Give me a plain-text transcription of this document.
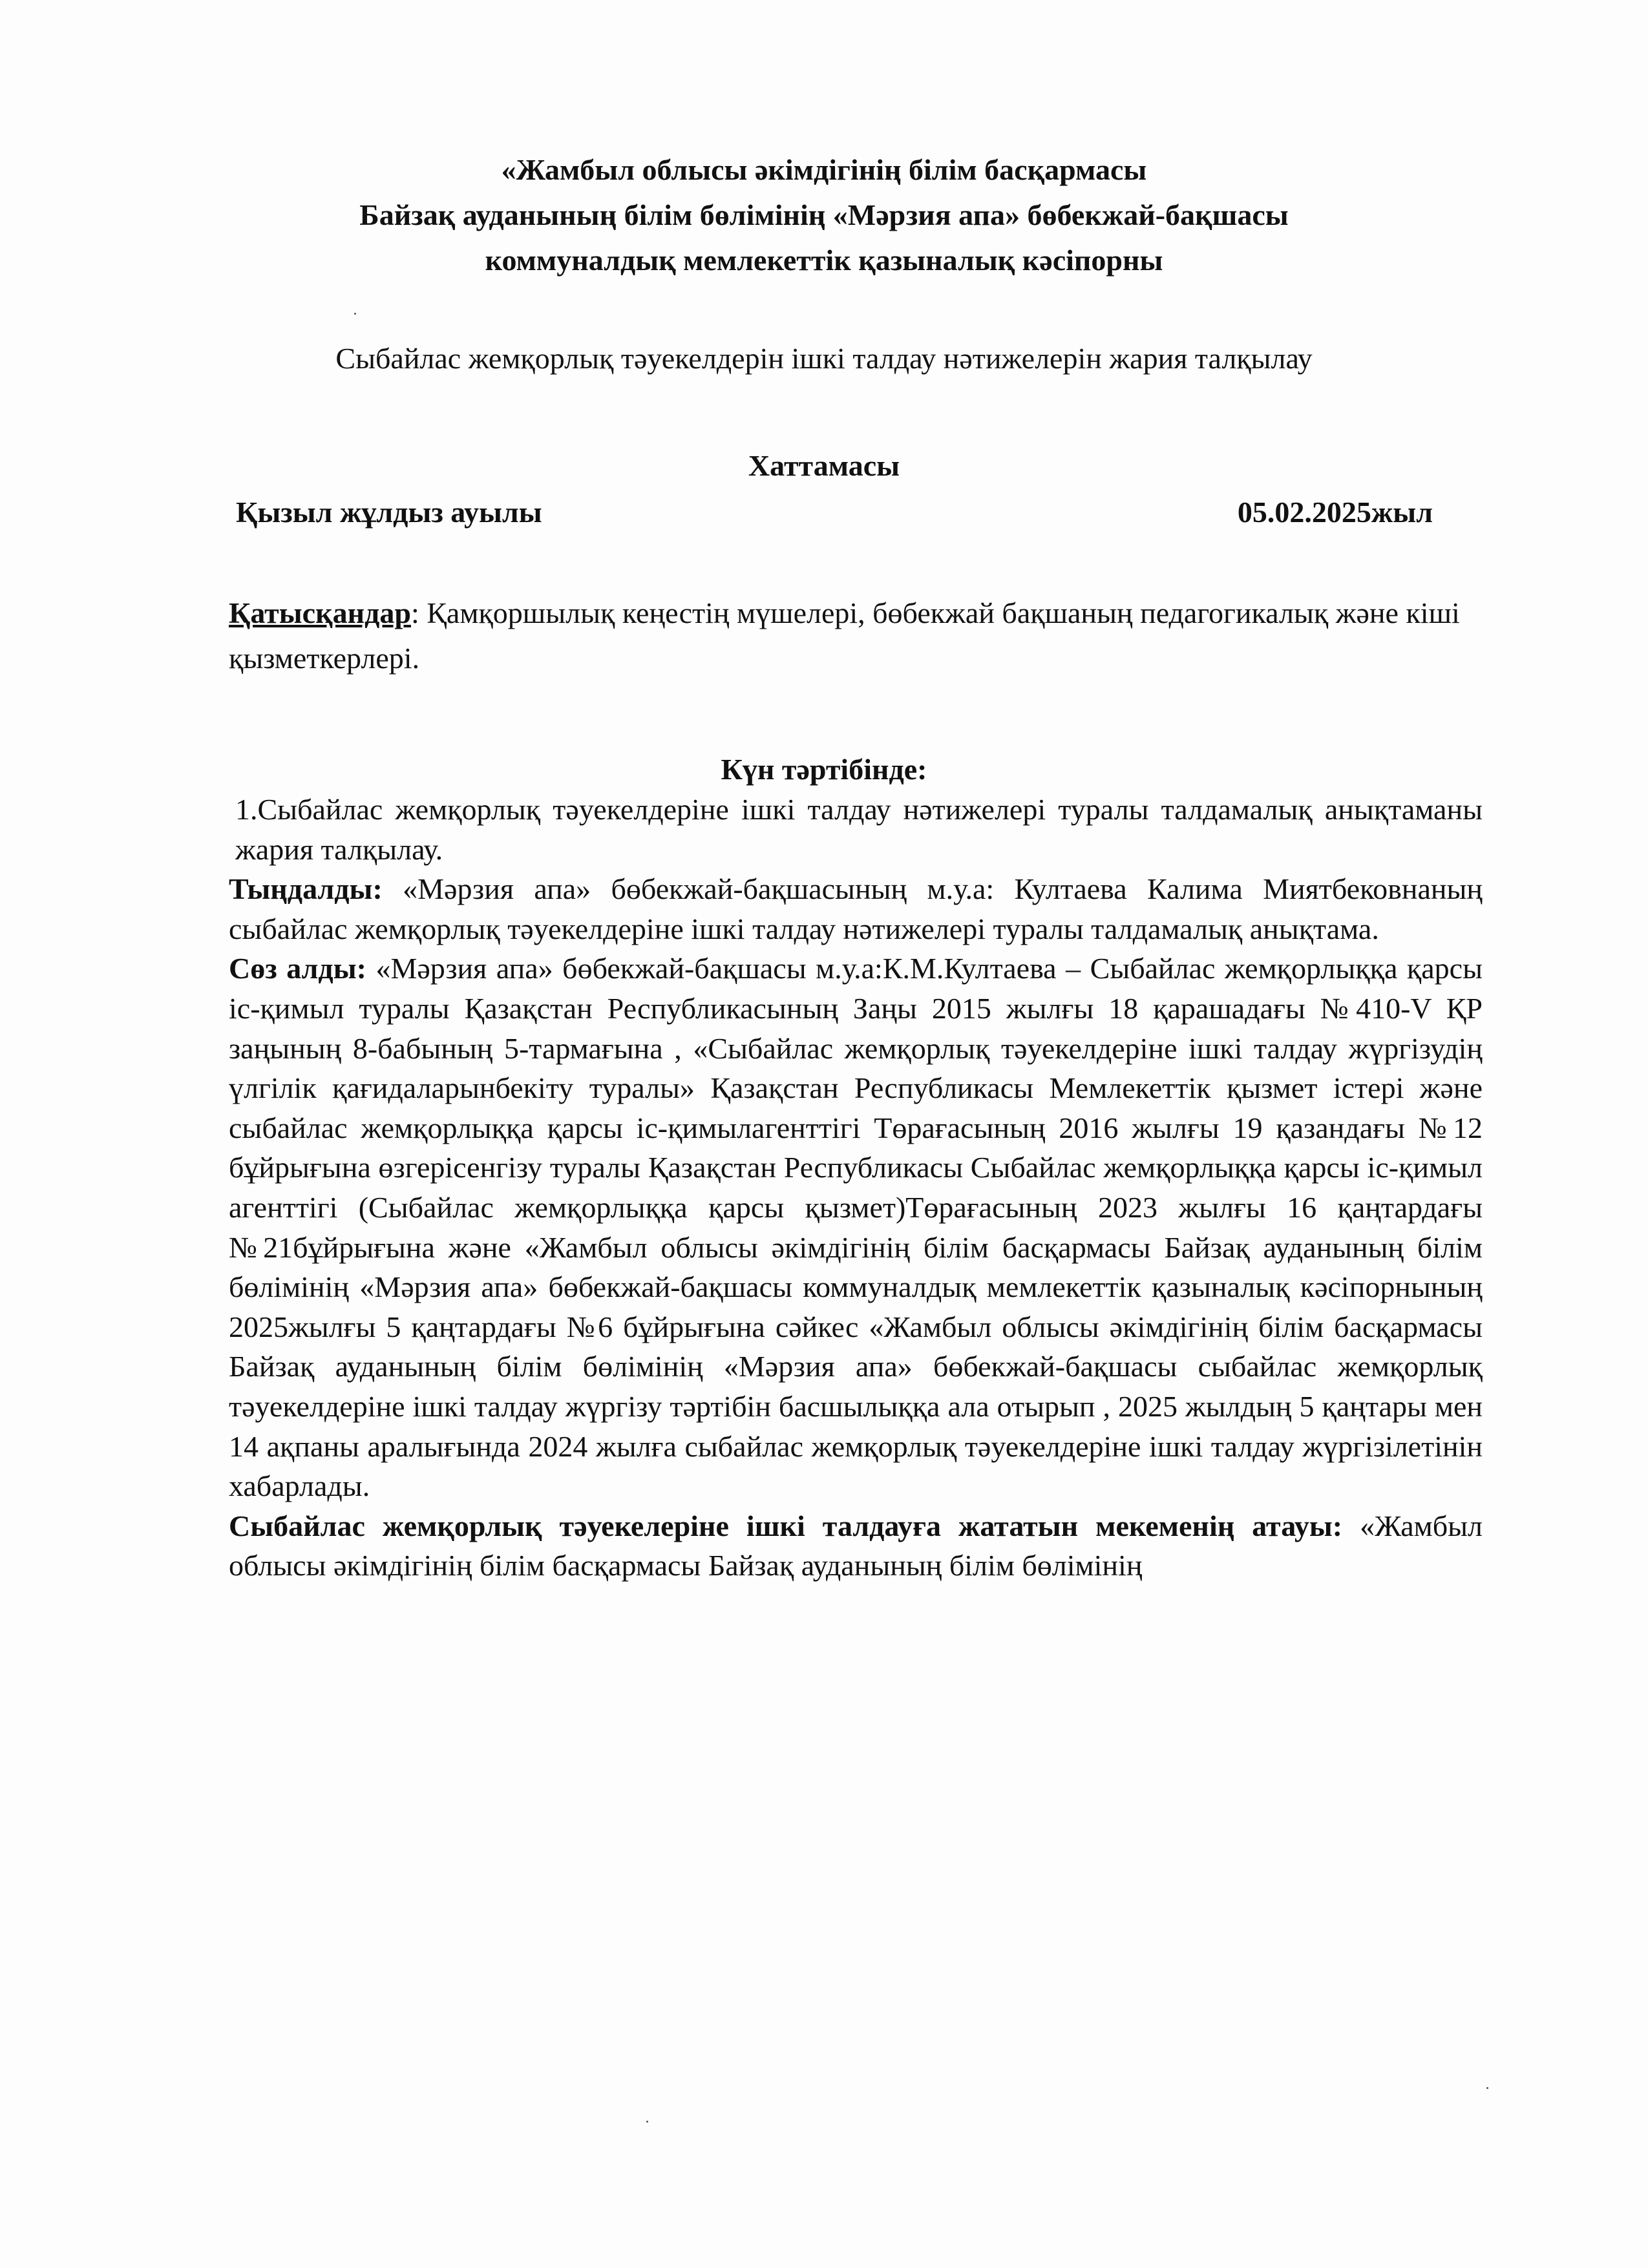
«Жамбыл облысы әкімдігінің білім басқармасы
Байзақ ауданының білім бөлімінің «Мәрзия апа» бөбекжай-бақшасы
коммуналдық мемлекеттік қазыналық кәсіпорны
Сыбайлас жемқорлық тәуекелдерін ішкі талдау нәтижелерін жария талқылау
Хаттамасы
Қызыл жұлдыз ауылы	05.02.2025жыл
Қатысқандар: Қамқоршылық кеңестің мүшелері, бөбекжай бақшаның педагогикалық және кіші қызметкерлері.
Күн тәртібінде:

1.Сыбайлас жемқорлық тәуекелдеріне ішкі талдау нәтижелері туралы талдамалық анықтаманы жария талқылау.

Тыңдалды: «Мәрзия апа» бөбекжай-бақшасының м.у.а: Култаева Калима Миятбековнаның сыбайлас жемқорлық тәуекелдеріне ішкі талдау нәтижелері туралы талдамалық анықтама.

Сөз алды: «Мәрзия апа» бөбекжай-бақшасы м.у.а:К.М.Култаева – Сыбайлас жемқорлыққа қарсы іс-қимыл туралы Қазақстан Республикасының Заңы 2015 жылғы 18 қарашадағы №410-V ҚР заңының 8-бабының 5-тармағына , «Сыбайлас жемқорлық тәуекелдеріне ішкі талдау жүргізудің үлгілік қағидаларынбекіту туралы» Қазақстан Республикасы Мемлекеттік қызмет істері және сыбайлас жемқорлыққа қарсы іс-қимылагенттігі Төрағасының 2016 жылғы 19 қазандағы №12 бұйрығына өзгерісенгізу туралы Қазақстан Республикасы Сыбайлас жемқорлыққа қарсы іс-қимыл агенттігі (Сыбайлас жемқорлыққа қарсы қызмет)Төрағасының 2023 жылғы 16 қаңтардағы №21бұйрығына және «Жамбыл облысы әкімдігінің білім басқармасы Байзақ ауданының білім бөлімінің «Мәрзия апа» бөбекжай-бақшасы коммуналдық мемлекеттік қазыналық кәсіпорнының 2025жылғы 5 қаңтардағы №6 бұйрығына сәйкес «Жамбыл облысы әкімдігінің білім басқармасы Байзақ ауданының білім бөлімінің «Мәрзия апа» бөбекжай-бақшасы сыбайлас жемқорлық тәуекелдеріне ішкі талдау жүргізу тәртібін басшылыққа ала отырып , 2025 жылдың 5 қаңтары мен 14 ақпаны аралығында 2024 жылға сыбайлас жемқорлық тәуекелдеріне ішкі талдау жүргізілетінін хабарлады.

Сыбайлас жемқорлық тәуекелеріне ішкі талдауға жататын мекеменің атауы: «Жамбыл облысы әкімдігінің білім басқармасы Байзақ ауданының білім бөлімінің
